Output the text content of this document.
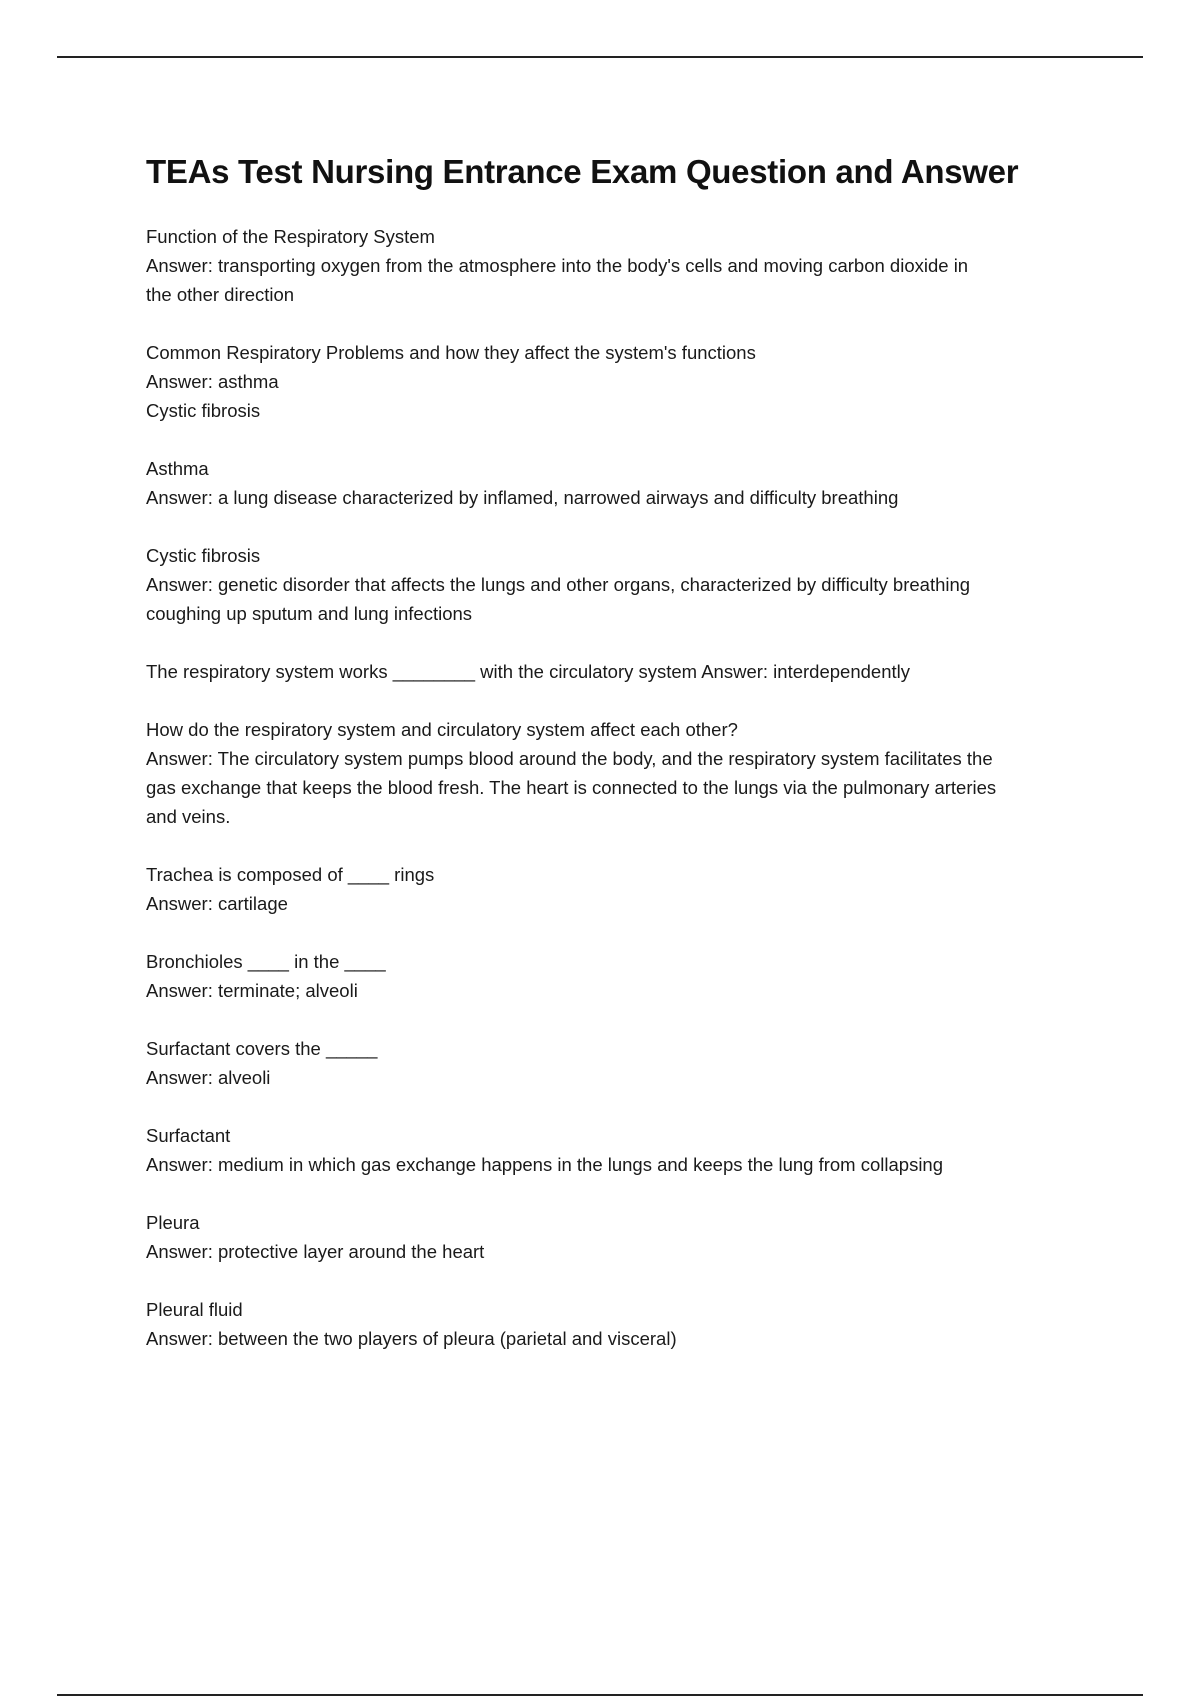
TEAs Test Nursing Entrance Exam Question and Answer
Function of the Respiratory System
Answer: transporting oxygen from the atmosphere into the body's cells and moving carbon dioxide in
the other direction
Common Respiratory Problems and how they affect the system's functions
Answer: asthma
Cystic fibrosis
Asthma
Answer: a lung disease characterized by inflamed, narrowed airways and difficulty breathing
Cystic fibrosis
Answer: genetic disorder that affects the lungs and other organs, characterized by difficulty breathing
coughing up sputum and lung infections
The respiratory system works ________ with the circulatory system Answer: interdependently
How do the respiratory system and circulatory system affect each other?
Answer: The circulatory system pumps blood around the body, and the respiratory system facilitates the
gas exchange that keeps the blood fresh. The heart is connected to the lungs via the pulmonary arteries
and veins.
Trachea is composed of ____ rings
Answer: cartilage
Bronchioles ____ in the ____
Answer: terminate; alveoli
Surfactant covers the _____
Answer: alveoli
Surfactant
Answer: medium in which gas exchange happens in the lungs and keeps the lung from collapsing
Pleura
Answer: protective layer around the heart
Pleural fluid
Answer: between the two players of pleura (parietal and visceral)
